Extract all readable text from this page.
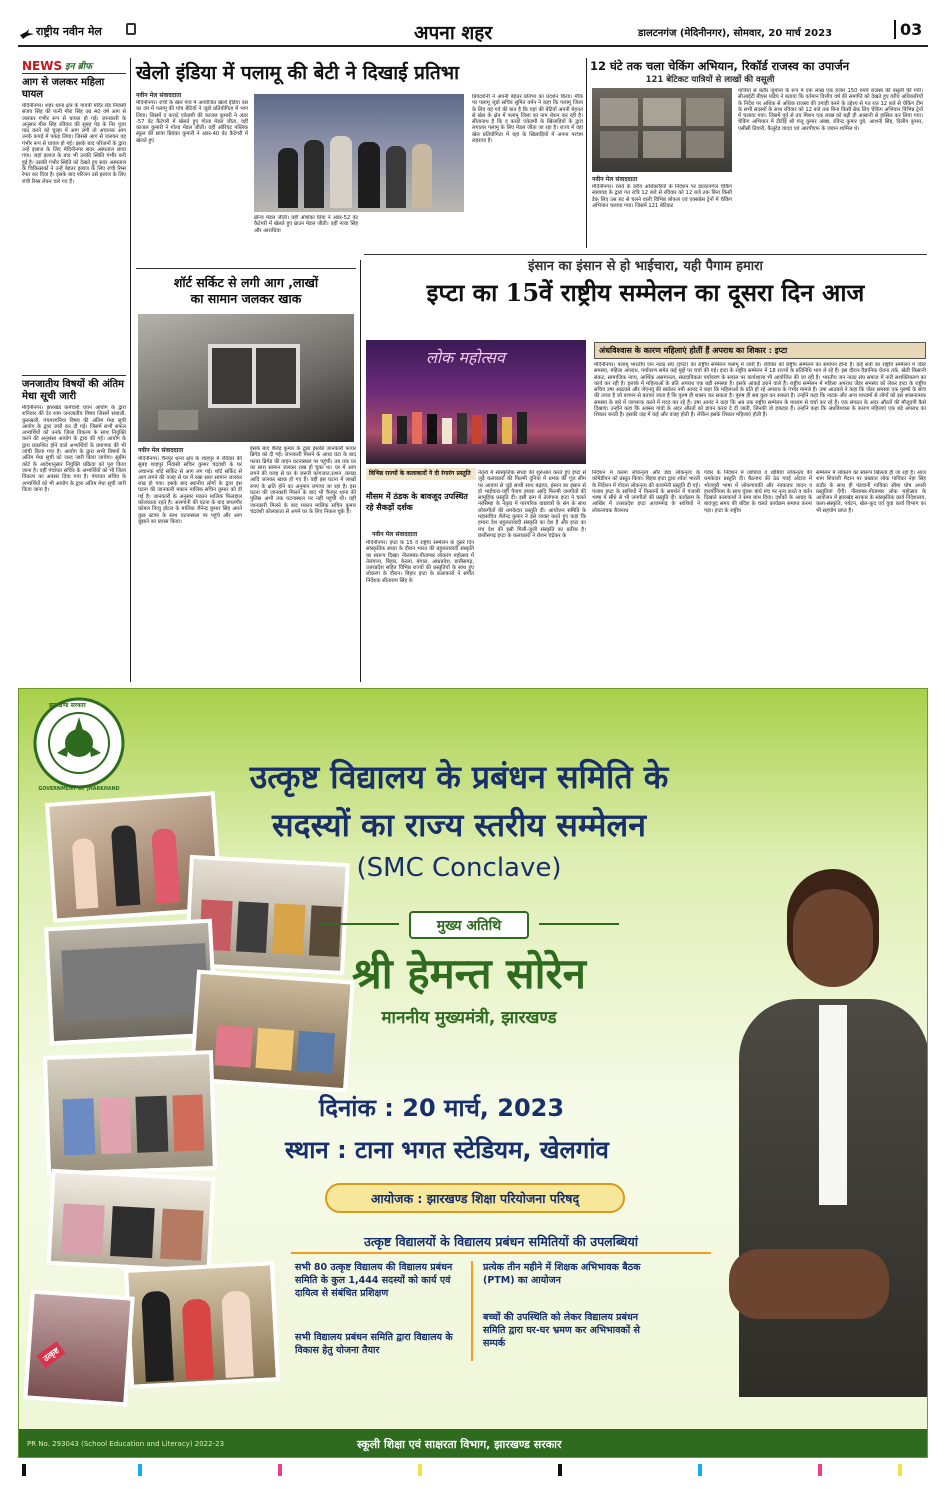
राष्ट्रीय नवीन मेल	अपना शहर	डालटनगंज (मेदिनीनगर), सोमवार, 20 मार्च 2023	03
NEWS इन ब्रीफ
आग से जलकर महिला घायल
मेदिनीनगर। शहर थाना क्षेत्र के गायत्री मंदिर रोड निवासी संजय सिंह की पत्नी मीरा सिंह उम्र 40 वर्ष आग से जलकर गंभीर रूप से घायल हो गई। जानकारी के अनुसार मीरा सिंह रविवार की सुबह पेड़ के निर पूजा पाठ करने को चुल्हा में आग लगी तो अचानक आग उनके कपड़े में पकड़ लिया। जिससे आग से जलकर वह गंभीर रूप से घायल हो गई। इसके बाद परिजनों के द्वारा उन्हें इलाज के लिए मेदिनीनगर सदर अस्पताल लाया गया। जहां इलाज के बाद भी उनकी स्थिति गंभीर बनी हुई है। उसकी गंभीर स्थिति को देखते हुए सदर अस्पताल के चिकित्सकों ने उन्हें बेहतर इलाज के लिए रांची रिम्स रेफर कर दिया है। इसके बाद परिजन उसे इलाज के लिए रांची रिम्स लेकर चले गए हैं।
जनजातीय विषयों की अंतिम मेधा सूची जारी
मेदिनीनगर। झारखंड कर्मचारी चयन आयोग के द्वारा शनिवार की देर शाम जनजातीय विषय जिसमें संथाली, कुरुखली, पंचपरगनिया विषय की अंतिम मेधा सूची आयोग के द्वारा जारी कर दी गई। जिसमें सभी सफल अभ्यर्थियों को उनके जिला विकल्प के साथ नियुक्ति करने की अनुशंसा आयोग के द्वारा की गई। आयोग के द्वारा प्रकाशित होने वाले अभ्यर्थियों के प्रमाणक की भी जांची किया गया है। आयोग के द्वारा सभी विषयों के अंतिम मेधा सूची को जल्द जारी किया जायेगा। सुप्रीम कोर्ट के आदेशानुसार नियुक्ति प्रक्रिया को पूरा किया जाना है। वहीं पंचायत सचिव के अभ्यर्थियों को भी जिला विकल्प का अवसर दिया गया है। पंचायत सचिव के अभ्यर्थियों को भी आयोग के द्वारा अंतिम मेधा सूची जारी किया जाना है।
खेलो इंडिया में पलामू की बेटी ने दिखाई प्रतिभा
नवीन मेल संवाददाता
मेदिनीनगर। रांची के खेल गांव में आयोजित खेलो इंडिया दस का दम में पलामू की पांच बेटियों ने जूडो प्रतियोगिता में भाग लिया। जिसमें द कराटे एकेडमी की काजल कुमारी ने अंडर -57 वेट कैटेगरी में खेलते हुए गोल्ड मेडल जीता, वहीं काजल कुमारी ने गोल्ड मेडल जीती। वहीं ऑरिएंट पब्लिक स्कूल की छात्रा प्रियंका कुमारी ने अंडर-40 वेट कैटेगरी में खेलते हुए
ब्रॉन्ज मेडल जीती। वहीं अंशिका प्रिया ने अंडर-52 वेट कैटेगरी में खेलते हुए ब्राउन मेडल जीती। वहीं नव्या सिंह और आराधिया
प्रियदर्शनी ने अपनी बेहतर प्रतिभा का प्रदर्शन किया। मौके पर पलामू जूडो सचिव सुमित वर्मन ने कहा कि पलामू जिला के लिए यह गर्व की बात है कि यहां की बेटियों अपनी मेहनत से खेल के क्षेत्र में पलामू जिला का नाम रोशन कर रही है। सीतानाथ है कि द कराटे एकेडमी के खिलाड़ियों के द्वारा लगातार पलामू के लिए मेडल जीता जा रहा है। राज्य में वहां खेल प्रतियोगिता में यहां के खिलाड़ियों में अपना परचम लहराया है।
12 घंटे तक चला चेकिंग अभियान, रिकॉर्ड राजस्व का उपार्जन
121 बेटिकट यात्रियों से लाखों की वसूली
नवीन मेल संवाददाता
मेदिनीनगर। रेलवे के वरीय अधिकारियों के निर्देशन पर डालटनगंज चेकिंग स्क्वायड के द्वारा गत रात्रि 12 बजे से रविवार को 12 बजे तक बिना किसी डेक लिए उस रुट से चलने वाली विभिन्न लोकल एवं एक्सप्रेस ट्रेनों में चेकिंग अभियान चलाया गया। जिसमें 121 बेटिकट
यात्रियों से बतौर जुर्माना के रूप में एक लाख एक हजार 150 रुपये राजस्व की वसूली की गयी। सीआईटी बीएस पांडेय ने बताया कि वर्तमान वित्तीय वर्ष की समाप्ति को देखते हुए वरीय अधिकारियों के निर्देश पर अधिक से अधिक राजस्व की उगाही करने के उद्देश्य से गत रात 12 बजे से चेकिंग टीम के सभी सदस्यों के साथ रविवार को 12 बजे तक बिना किसी ब्रेक लिए चेकिंग अभियान विभिन्न ट्रेनों में चलाया गया। जिसमें पूर्व से तय मिशन एक लाख को बढ़ी ही आसानी से हासिल कर लिया गया। चेकिंग अभियान में टीटीई श्री मंजू कुमार अंबष्ठ, रविन्द्र कुमार दुबे, आशनी सिंह, दिलीप कुमार, एसीसी तिवारी, कैलुटेड यादव एवं आरपीएफ के जवान शामिल थे।
शॉर्ट सर्किट से लगी आग ,लाखों
का सामान जलकर खाक
नवीन मेल संवाददाता
मेदिनीनगर। चैनपुर थाना क्षेत्र के शाहपुर में रविवार की सुबह शाहपुर निवासी सचिन कुमार चंद्रवंशी के घर अचानक शॉर्ट सर्किट से आग लग गई। शॉर्ट सर्किट से आग लगने की वजह से घर में रखा सारा सामान जलकर राख हो गया। इसके बाद स्थानीय लोगों के द्वारा इस घटना की जानकारी मकान मालिक सचिन कुमार को दी गई है। जानकारी के अनुसार मकान मालिक फिलहाल कोलकाता रहते है। अलगानी की घटना के बाद बगलगीर कोमल निव्यु होटल के मालिक जैनेन्द्र कुमार सिंह अपने कुछ स्टाफ के साथ घटनास्थल पर पहुंचे और आग बुझाने का प्रयास किया।
इसके बाद शैलेंद्र कुमार के द्वारा इसकी जानकारी फायर ब्रिगेड को दी गई। जानकारी मिलने के आधा घंटा के बाद फायर ब्रिगेड की वाहन घटनास्थल पर पहुंची। तब तक घर का सारा सामान जलकर राख हो चुका था। घर में आग लगने की वजह से घर के जरूरी कागजात,राशन ,कपड़ा आदि जलकर खाक हो गए हैं। वहीं इस घटना में लाखों रुपए के क्षति होने का अनुमान लगाया जा रहा है। इस घटना की जानकारी मिलने के बाद भी चैनपुर थाना की पुलिस अभी तक घटनास्थल पर नहीं पहुंची थी। वहीं जानकारी मिलने के बाद मकान मालिक सचिन कुमार चंद्रवंशी कोलकाता से अपने घर के लिए निकल चुके हैं।
इंसान का इंसान से हो भाईचारा, यही पैगाम हमारा
इप्टा का 15वें राष्ट्रीय सम्मेलन का दूसरा दिन आज
लोक महोत्सव
विभिन्न राज्यों के कलाकारों ने दी रंगारंग प्रस्तुति
मौसम में ठंडक के बावजूद उपस्थित रहे सैकड़ों दर्शक
नवीन मेल संवाददाता
मेदिनीनगर। इप्टा के 15 वें राष्ट्रीय सम्मेलन के दूसरे दिन सांस्कृतिक संध्या के दौरान भारत की बहुलतावादी संस्कृति का स्वरूप दिखा। नीलाम्बर-पीताम्बर लोकरंग महोत्सव में तेलंगाना, बिहार, केरला, बंगाल, आंध्रप्रदेश, छत्तीसगढ़, उत्तरप्रदेश सहित विभिन्न राज्यों की प्रस्तुतियों के साथ हुए लोकरंग के दौरान। बिहार इप्टा के कलाकारों ने संगीत निर्देशक सीताराम सिंह के
नेतृत्व में सांस्कृतिक संध्या की शुरुआत करते हुए इप्टा से जुड़े कलाकारों की फिल्मी दुनिया में धमक की गूंज सीम पर आयाम से जुड़े साथी साथ बढ़ाया, इंसान का इंसान से हो भाईचारा-यही पैगाम हमारा आदि फिल्मी जनगीतों की सामूहिक प्रस्तुति दी। इसी क्रम में तेलंगाना इप्टा ने चलते नरसिम्हा के नेतृत्व में पारंपरिक वाद्ययंत्रों के संग के साथ लोकगीतों की धमकेदार प्रस्तुति दी। आयोजन समिति के महासचिव शैलेन्द्र कुमार ने इसे व्यक्त करते हुए कहा कि हमारा देश बहुलतावादी संस्कृति का देश है और इप्टा का मंच देश की इसी मिली-जुली संस्कृति का प्रतीक है। छत्तीसगढ़ इप्टा के कलाकारों ने रोशन चंद्रेकर के
निर्देशन में करमा लोकनृत्य और डंडा लोकनृत्य के कॉमेडीयन को प्रस्तुत किया। बिहार इप्टा द्वारा श्वेता भारती के निर्देशन में गोदना लोकनृत्य की कावमेनी प्रस्तुति दी गई। पंजाब इप्टा के साथियों ने किसानों के समर्थन में पंजाबी भाषा में सीधे से भी जनगीतों की प्रस्तुति दी। कार्यक्रम के आखिर में उत्तरप्रदेश इप्टा आजमगढ़ के साथियों ने लोकनाचक बैजनाथ
गंवार के निर्देशन में जाधिया व धोबिया लोकनृत्य की धमकेदार प्रस्तुति दी। बैठनाथ की ठेठ गवई अंदाज में भोजपुरी भाषा में लोकगायकी और नवकवार वादन व हारमोनियम के साथ घुंघरू बांधे मंच पर नृत्य करते व बर्तन दिखाते कलाकारों ने समा बांध दिया। दर्शकों के आग्रह के बावजूद समय की बंदिश के चलते कार्यक्रम समाप्त करना पड़ा। इप्टा के राष्ट्रीय
सम्मेलन में लोकरंग का स्वरूप खिलता ही जा रहा है। आज शाम शिवाजी मैदान पर प्रख्यात लोक गायिका नेहा सिंह राठौर के साथ ही पंडवानी गायिका सीमा घोष अपनी प्रस्तुतियां देंगी। नीलाम्बर-पीताम्बर लोक महोत्सव के आयोजन में झारखंड सरकार के सांस्कृतिक कार्य निदेशालय, कला-संस्कृति, पर्यटन, खेल-कूद एवं युवा कार्य विभाग का भी सहयोग प्राप्त है।
अंधविश्वास के कारण महिलाएं होतीं हैं अपराध का शिकार : इप्टा
मेदिनीनगर। पलामू भारतीय जन नाट्य संघ (इप्टा) का राष्ट्रीय सम्मेलन पलामू में जारी है। रविवार को राष्ट्रीय सम्मेलन का समापन होना है। कई सत्रों का राष्ट्रीय सम्मेलन में जेंडर समस्या, महिला अपराध, पर्यावरण समेत कई मुद्दों पर चर्चा की गई। इप्टा के राष्ट्रीय सम्मेलन में 18 राज्यों के प्रतिनिधि भाग ले रहे हैं। इस दौरान वैज्ञानिक चेतना तर्क, खेती किसानी संकट, सामाजिक न्याय, आर्थिक असमानता, संप्रदायिकता पर्यावरण के सवाल पर कार्यशाला भी आयोजित की जा रही है। भारतीय जन नाट्य संघ समाज में नारी सशक्तिकरण का कार्य कर रही है। इलाके में महिलाओं के प्रति अपराध एक बड़ी समस्या है। इसके आंकड़े डराने वाले हैं। राष्ट्रीय सम्मेलन में महिला अपराध जेंडर समस्या को लेकर इप्टा के राष्ट्रीय सचिव उषा आठवले और जेएनयू की स्कॉलर नमी आनंद ने कहा कि महिलाओं के प्रति हो रहे अपराध के गंभीर मामले हैं। उषा आठवले ने कहा कि जेंडर समस्या एक पुरुषों के सोच की उपज है जो बचपन से बताया जाता है कि पुरुष ही शासन कर सकता है। पुरुष ही सब कुछ कर सकता है। उन्होंने कहा कि नाटक और अन्य माध्यमों से लोगों को इस शासनात्मक समस्या के बारे में जागरूक करने में मदद कर रहे हैं। उषा आनंद ने कहा कि अब तक राष्ट्रीय सम्मेलन के माध्यम से चर्चा कर रहे हैं। एक संगठन के अंदर औरतों की मौजूदगी कैसे दिखाएं। उन्होंने कहा कि अक्सर गांवों के अंदर औरतों को डायन करार दे दी जाती, जिनकी वो हकदार हैं। उन्होंने कहा कि अंधविश्वास के कारण महिलाएं एक बड़े अपराध का शिकार बनती है। इसकी जड़ में कई और वजह होती हैं। लेकिन इसके शिकार महिलाएं होती हैं।
झारखण्ड सरकार
GOVERNMENT OF JHARKHAND	उत्कृष्ट विद्यालय के प्रबंधन समिति के
सदस्यों का राज्य स्तरीय सम्मेलन
(SMC Conclave)
उत्कृष्ट
मुख्य अतिथि
श्री हेमन्त सोरेन
माननीय मुख्यमंत्री, झारखण्ड
दिनांक : 20 मार्च, 2023
स्थान : टाना भगत स्टेडियम, खेलगांव
आयोजक : झारखण्ड शिक्षा परियोजना परिषद्
उत्कृष्ट विद्यालयों के विद्यालय प्रबंधन समितियों की उपलब्धियां
सभी 80 उत्कृष्ट विद्यालय की विद्यालय प्रबंधन समिति के कुल 1,444 सदस्यों को कार्य एवं दायित्व से संबंधित प्रशिक्षण
सभी विद्यालय प्रबंधन समिति द्वारा विद्यालय के विकास हेतु योजना तैयार
प्रत्येक तीन महीने में शिक्षक अभिभावक बैठक (PTM) का आयोजन
बच्चों की उपस्थिति को लेकर विद्यालय प्रबंधन समिति द्वारा घर-घर भ्रमण कर अभिभावकों से सम्पर्क
PR No. 293043 (School Education and Literacy) 2022-23	स्कूली शिक्षा एवं साक्षरता विभाग, झारखण्ड सरकार
